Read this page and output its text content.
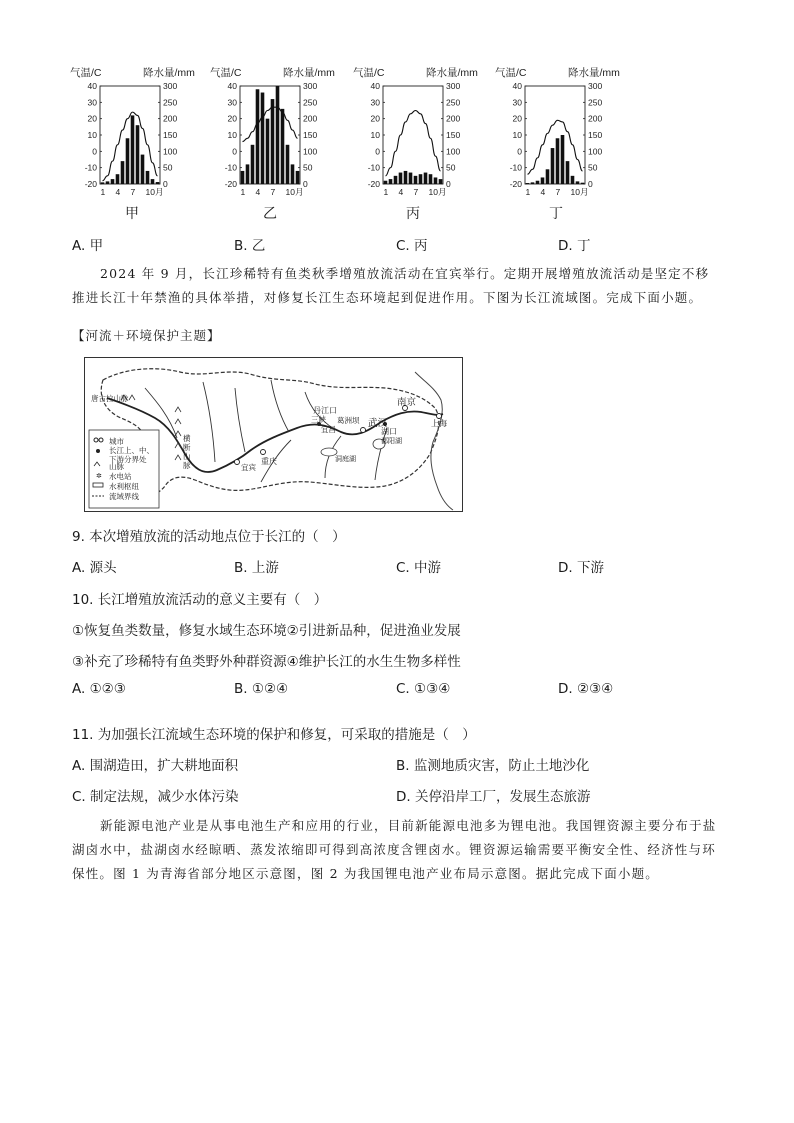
气温/C	降水量/mm
40	300
30	250
20	200
10	150
0	100
-10	50
-20	0
1 4 7 10月
气温/C	降水量/mm
40	300
30	250
20	200
10	150
0	100
-10	50
-20	0
1 4 7 10月
气温/C	降水量/mm
40	300
30	250
20	200
10	150
0	100
-10	50
-20	0
1 4 7 10月
气温/C	降水量/mm
40	300
30	250
20	200
10	150
0	100
-10	50
-20	0
1 4 7 10月
甲	乙	丙	丁
A. 甲	B. 乙	C. 丙	D. 丁
2024 年 9 月，长江珍稀特有鱼类秋季增殖放流活动在宜宾举行。定期开展增殖放流活动是坚定不移推进长江十年禁渔的具体举措，对修复长江生态环境起到促进作用。下图为长江流域图。完成下面小题。
【河流＋环境保护主题】
✲
城市
长江上、中、下游分界处
山脉
水电站
水利枢纽
流域界线
唐古拉山脉
横断山脉
丹江口
三峡 葛洲坝
宜昌
武汉
湖口
南京
上海
重庆
宜宾
洞庭湖
鄱阳湖
9. 本次增殖放流的活动地点位于长江的（　）
A. 源头	B. 上游	C. 中游	D. 下游
10. 长江增殖放流活动的意义主要有（　）
①恢复鱼类数量，修复水域生态环境②引进新品种，促进渔业发展
③补充了珍稀特有鱼类野外种群资源④维护长江的水生生物多样性
A. ①②③	B. ①②④	C. ①③④	D. ②③④
11. 为加强长江流域生态环境的保护和修复，可采取的措施是（　）
A. 围湖造田，扩大耕地面积	B. 监测地质灾害，防止土地沙化
C. 制定法规，减少水体污染	D. 关停沿岸工厂，发展生态旅游
新能源电池产业是从事电池生产和应用的行业，目前新能源电池多为锂电池。我国锂资源主要分布于盐湖卤水中，盐湖卤水经晾晒、蒸发浓缩即可得到高浓度含锂卤水。锂资源运输需要平衡安全性、经济性与环保性。图 1 为青海省部分地区示意图，图 2 为我国锂电池产业布局示意图。据此完成下面小题。
